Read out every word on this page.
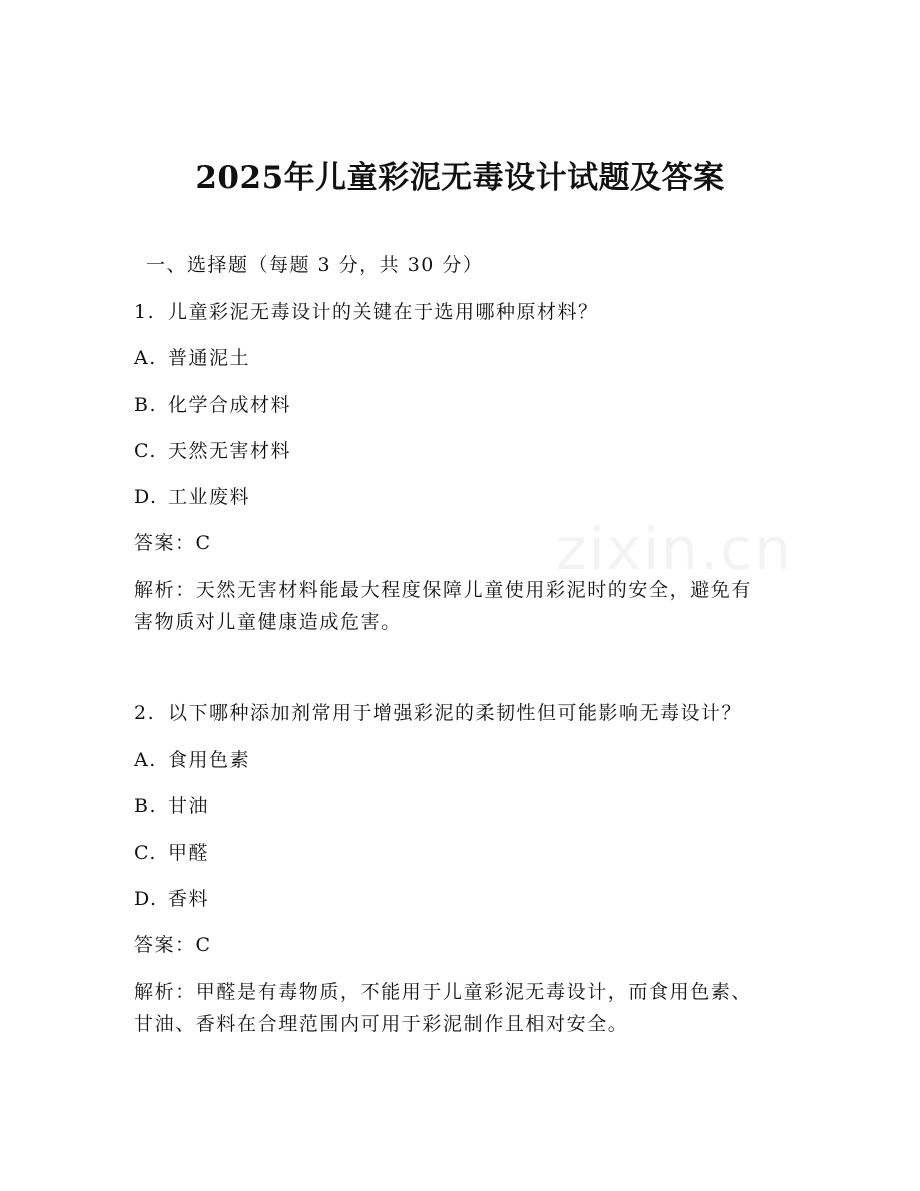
2025年儿童彩泥无毒设计试题及答案
一、选择题（每题 3 分，共 30 分）
1. 儿童彩泥无毒设计的关键在于选用哪种原材料？
A. 普通泥土
B. 化学合成材料
C. 天然无害材料
D. 工业废料
答案：C
解析：天然无害材料能最大程度保障儿童使用彩泥时的安全，避免有
害物质对儿童健康造成危害。
2. 以下哪种添加剂常用于增强彩泥的柔韧性但可能影响无毒设计？
A. 食用色素
B. 甘油
C. 甲醛
D. 香料
答案：C
解析：甲醛是有毒物质，不能用于儿童彩泥无毒设计，而食用色素、
甘油、香料在合理范围内可用于彩泥制作且相对安全。
